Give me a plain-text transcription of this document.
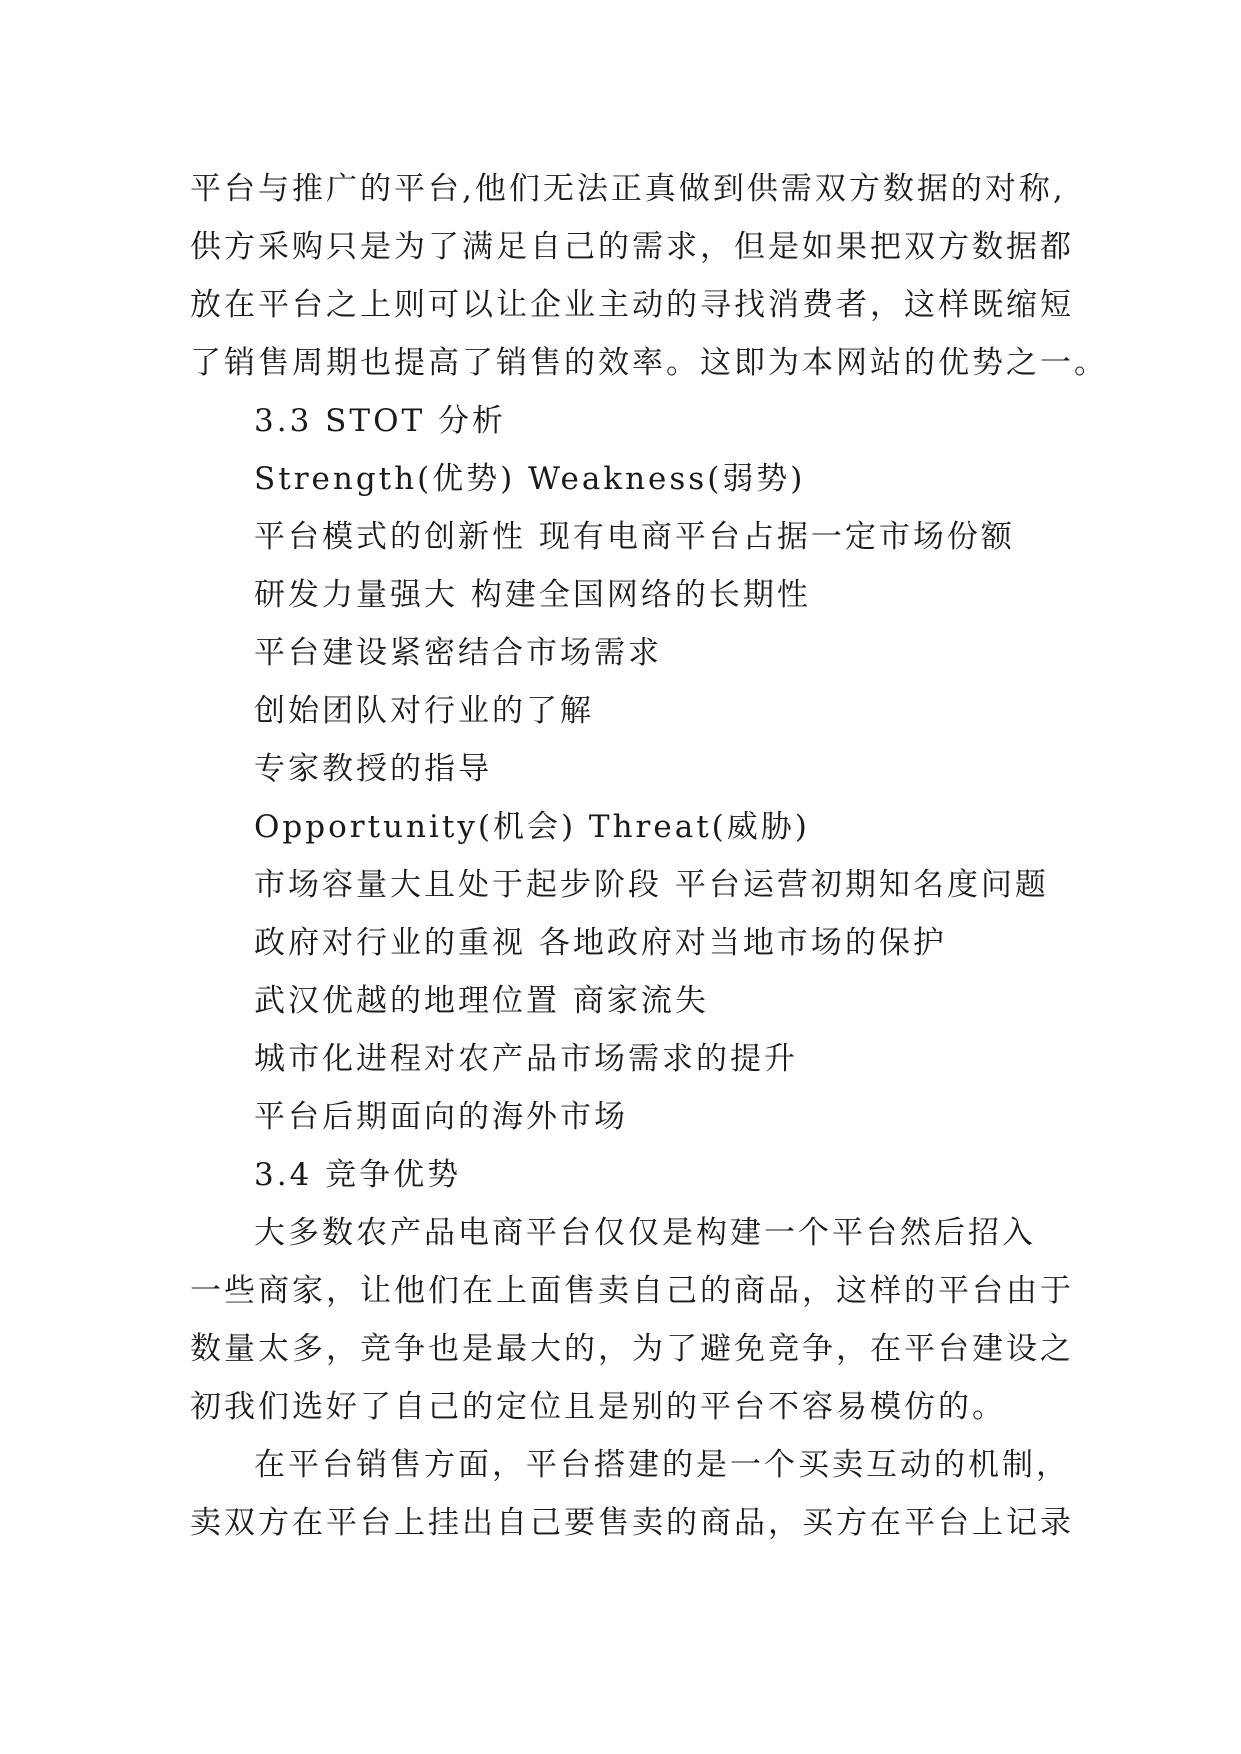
平台与推广的平台,他们无法正真做到供需双方数据的对称,
供方采购只是为了满足自己的需求，但是如果把双方数据都
放在平台之上则可以让企业主动的寻找消费者，这样既缩短
了销售周期也提高了销售的效率。这即为本网站的优势之一。
3.3 STOT 分析
Strength(优势) Weakness(弱势)
平台模式的创新性 现有电商平台占据一定市场份额
研发力量强大 构建全国网络的长期性
平台建设紧密结合市场需求
创始团队对行业的了解
专家教授的指导
Opportunity(机会) Threat(威胁)
市场容量大且处于起步阶段 平台运营初期知名度问题
政府对行业的重视 各地政府对当地市场的保护
武汉优越的地理位置 商家流失
城市化进程对农产品市场需求的提升
平台后期面向的海外市场
3.4 竞争优势
大多数农产品电商平台仅仅是构建一个平台然后招入
一些商家，让他们在上面售卖自己的商品，这样的平台由于
数量太多，竞争也是最大的，为了避免竞争，在平台建设之
初我们选好了自己的定位且是别的平台不容易模仿的。
在平台销售方面，平台搭建的是一个买卖互动的机制，
卖双方在平台上挂出自己要售卖的商品，买方在平台上记录
